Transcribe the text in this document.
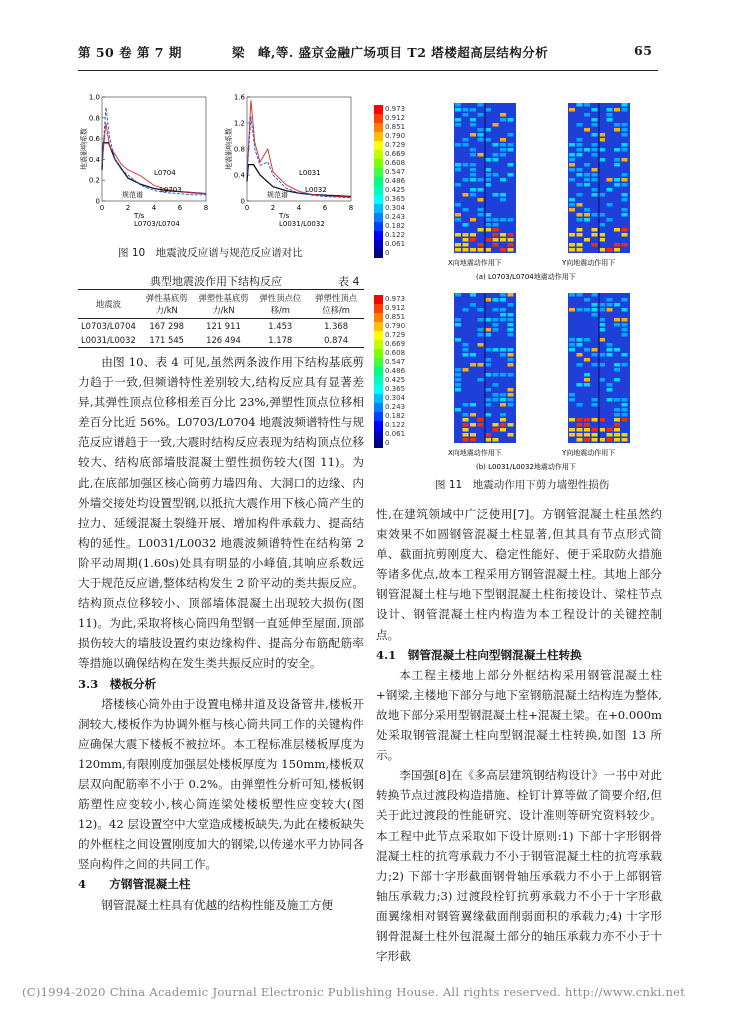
第 50 卷 第 7 期	梁　峰,等. 盛京金融广场项目 T2 塔楼超高层结构分析	65
地震影响系数
1.0
0.8
0.6
0.4
0.2
0
0	2	4	6	8
T/s
L0703/L0704
L0704
L0703
规范谱
地震影响系数
1.6
1.2
0.8
0.4
0
0	2	4	6	8
T/s
L0031/L0032
L0031
L0032
规范谱
图 10　地震波反应谱与规范反应谱对比
典型地震波作用下结构反应	表 4
地震波	弹性基底剪力/kN	弹塑性基底剪力/kN	弹性顶点位移/m	弹塑性顶点位移/m
L0703/L0704	167 298	121 911	1.453	1.368
L0031/L0032	171 545	126 494	1.178	0.874

由图 10、表 4 可见,虽然两条波作用下结构基底剪力趋于一致,但频谱特性差别较大,结构反应具有显著差异,其弹性顶点位移相差百分比 23%,弹塑性顶点位移相差百分比近 56%。L0703/L0704 地震波频谱特性与规范反应谱趋于一致,大震时结构反应表现为结构顶点位移较大、结构底部墙肢混凝土塑性损伤较大(图 11)。为此,在底部加强区核心筒剪力墙四角、大洞口的边缘、内外墙交接处均设置型钢,以抵抗大震作用下核心筒产生的拉力、延缓混凝土裂缝开展、增加构件承载力、提高结构的延性。L0031/L0032 地震波频谱特性在结构第 2 阶平动周期(1.60s)处具有明显的小峰值,其响应系数远大于规范反应谱,整体结构发生 2 阶平动的类共振反应。结构顶点位移较小、顶部墙体混凝土出现较大损伤(图 11)。为此,采取将核心筒四角型钢一直延伸至屋面,顶部损伤较大的墙肢设置约束边缘构件、提高分布筋配筋率等措施以确保结构在发生类共振反应时的安全。

3.3　楼板分析

塔楼核心筒外由于设置电梯井道及设备管井,楼板开洞较大,楼板作为协调外框与核心筒共同工作的关键构件应确保大震下楼板不被拉坏。本工程标准层楼板厚度为 120mm,有限刚度加强层处楼板厚度为 150mm,楼板双层双向配筋率不小于 0.2%。由弹塑性分析可知,楼板钢筋塑性应变较小,核心筒连梁处楼板塑性应变较大(图 12)。42 层设置空中大堂造成楼板缺失,为此在楼板缺失的外框柱之间设置刚度加大的钢梁,以传递水平力协同各竖向构件之间的共同工作。

4　　方钢管混凝土柱

钢管混凝土柱具有优越的结构性能及施工方便

0.973
0.912
0.851
0.790
0.729
0.669
0.608
0.547
0.486
0.425
0.365
0.304
0.243
0.182
0.122
0.061
0
X向地震动作用下	Y向地震动作用下
(a) L0703/L0704地震动作用下
0.973
0.912
0.851
0.790
0.729
0.669
0.608
0.547
0.486
0.425
0.365
0.304
0.243
0.182
0.122
0.061
0
X向地震动作用下	Y向地震动作用下
(b) L0031/L0032地震动作用下
图 11　地震动作用下剪力墙塑性损伤

性,在建筑领域中广泛使用[7]。方钢管混凝土柱虽然约束效果不如圆钢管混凝土柱显著,但其具有节点形式简单、截面抗剪刚度大、稳定性能好、便于采取防火措施等诸多优点,故本工程采用方钢管混凝土柱。其地上部分钢管混凝土柱与地下型钢混凝土柱衔接设计、梁柱节点设计、钢管混凝土柱内构造为本工程设计的关键控制点。

4.1　钢管混凝土柱向型钢混凝土柱转换

本工程主楼地上部分外框结构采用钢管混凝土柱+钢梁,主楼地下部分与地下室钢筋混凝土结构连为整体,故地下部分采用型钢混凝土柱+混凝土梁。在+0.000m 处采取钢管混凝土柱向型钢混凝土柱转换,如图 13 所示。

李国强[8]在《多高层建筑钢结构设计》一书中对此转换节点过渡段构造措施、栓钉计算等做了简要介绍,但关于此过渡段的性能研究、设计准则等研究资料较少。本工程中此节点采取如下设计原则:1) 下部十字形钢骨混凝土柱的抗弯承载力不小于钢管混凝土柱的抗弯承载力;2) 下部十字形截面钢骨轴压承载力不小于上部钢管轴压承载力;3) 过渡段栓钉抗剪承载力不小于十字形截面翼缘相对钢管翼缘截面削弱面积的承载力;4) 十字形钢骨混凝土柱外包混凝土部分的轴压承载力亦不小于十字形截

(C)1994-2020 China Academic Journal Electronic Publishing House. All rights reserved. http://www.cnki.net
